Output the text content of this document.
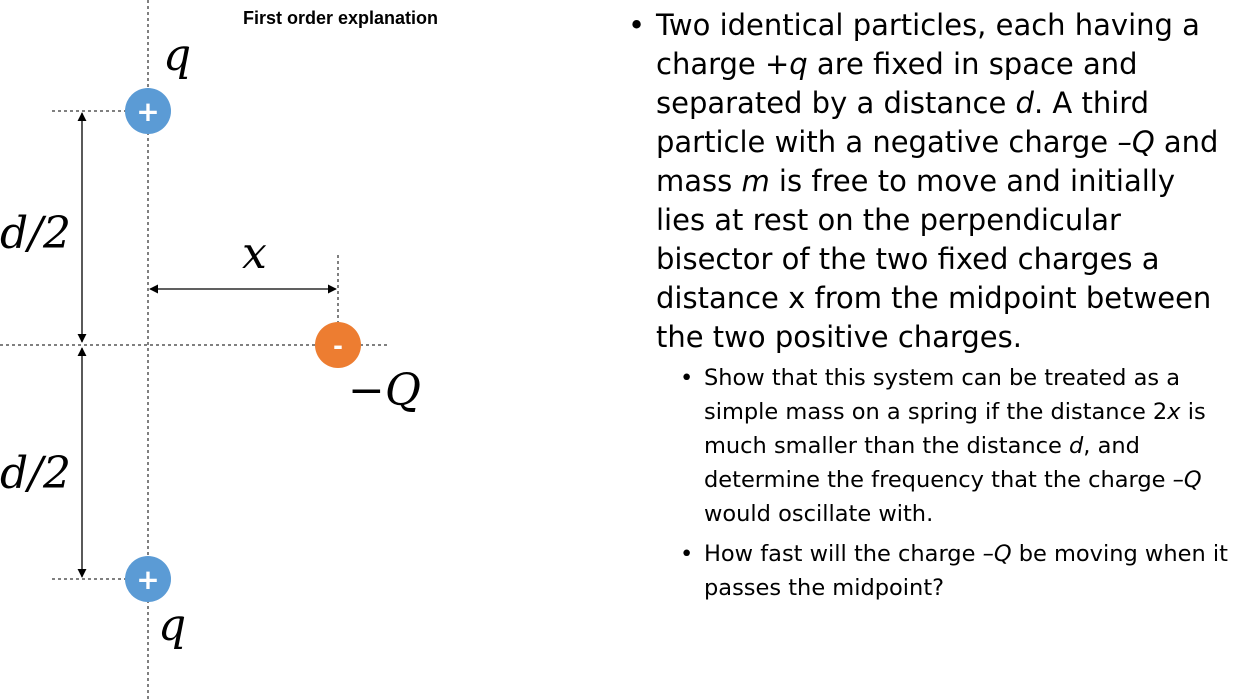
+
+
-
q
q
−Q
d/2
d/2
x
First order explanation	• Two identical particles, each having a charge +q are fixed in space and separated by a distance d. A third particle with a negative charge –Q and mass m is free to move and initially lies at rest on the perpendicular bisector of the two fixed charges a distance x from the midpoint between the two positive charges.
• Show that this system can be treated as a simple mass on a spring if the distance 2x is much smaller than the distance d, and determine the frequency that the charge –Q would oscillate with.
• How fast will the charge –Q be moving when it passes the midpoint?
